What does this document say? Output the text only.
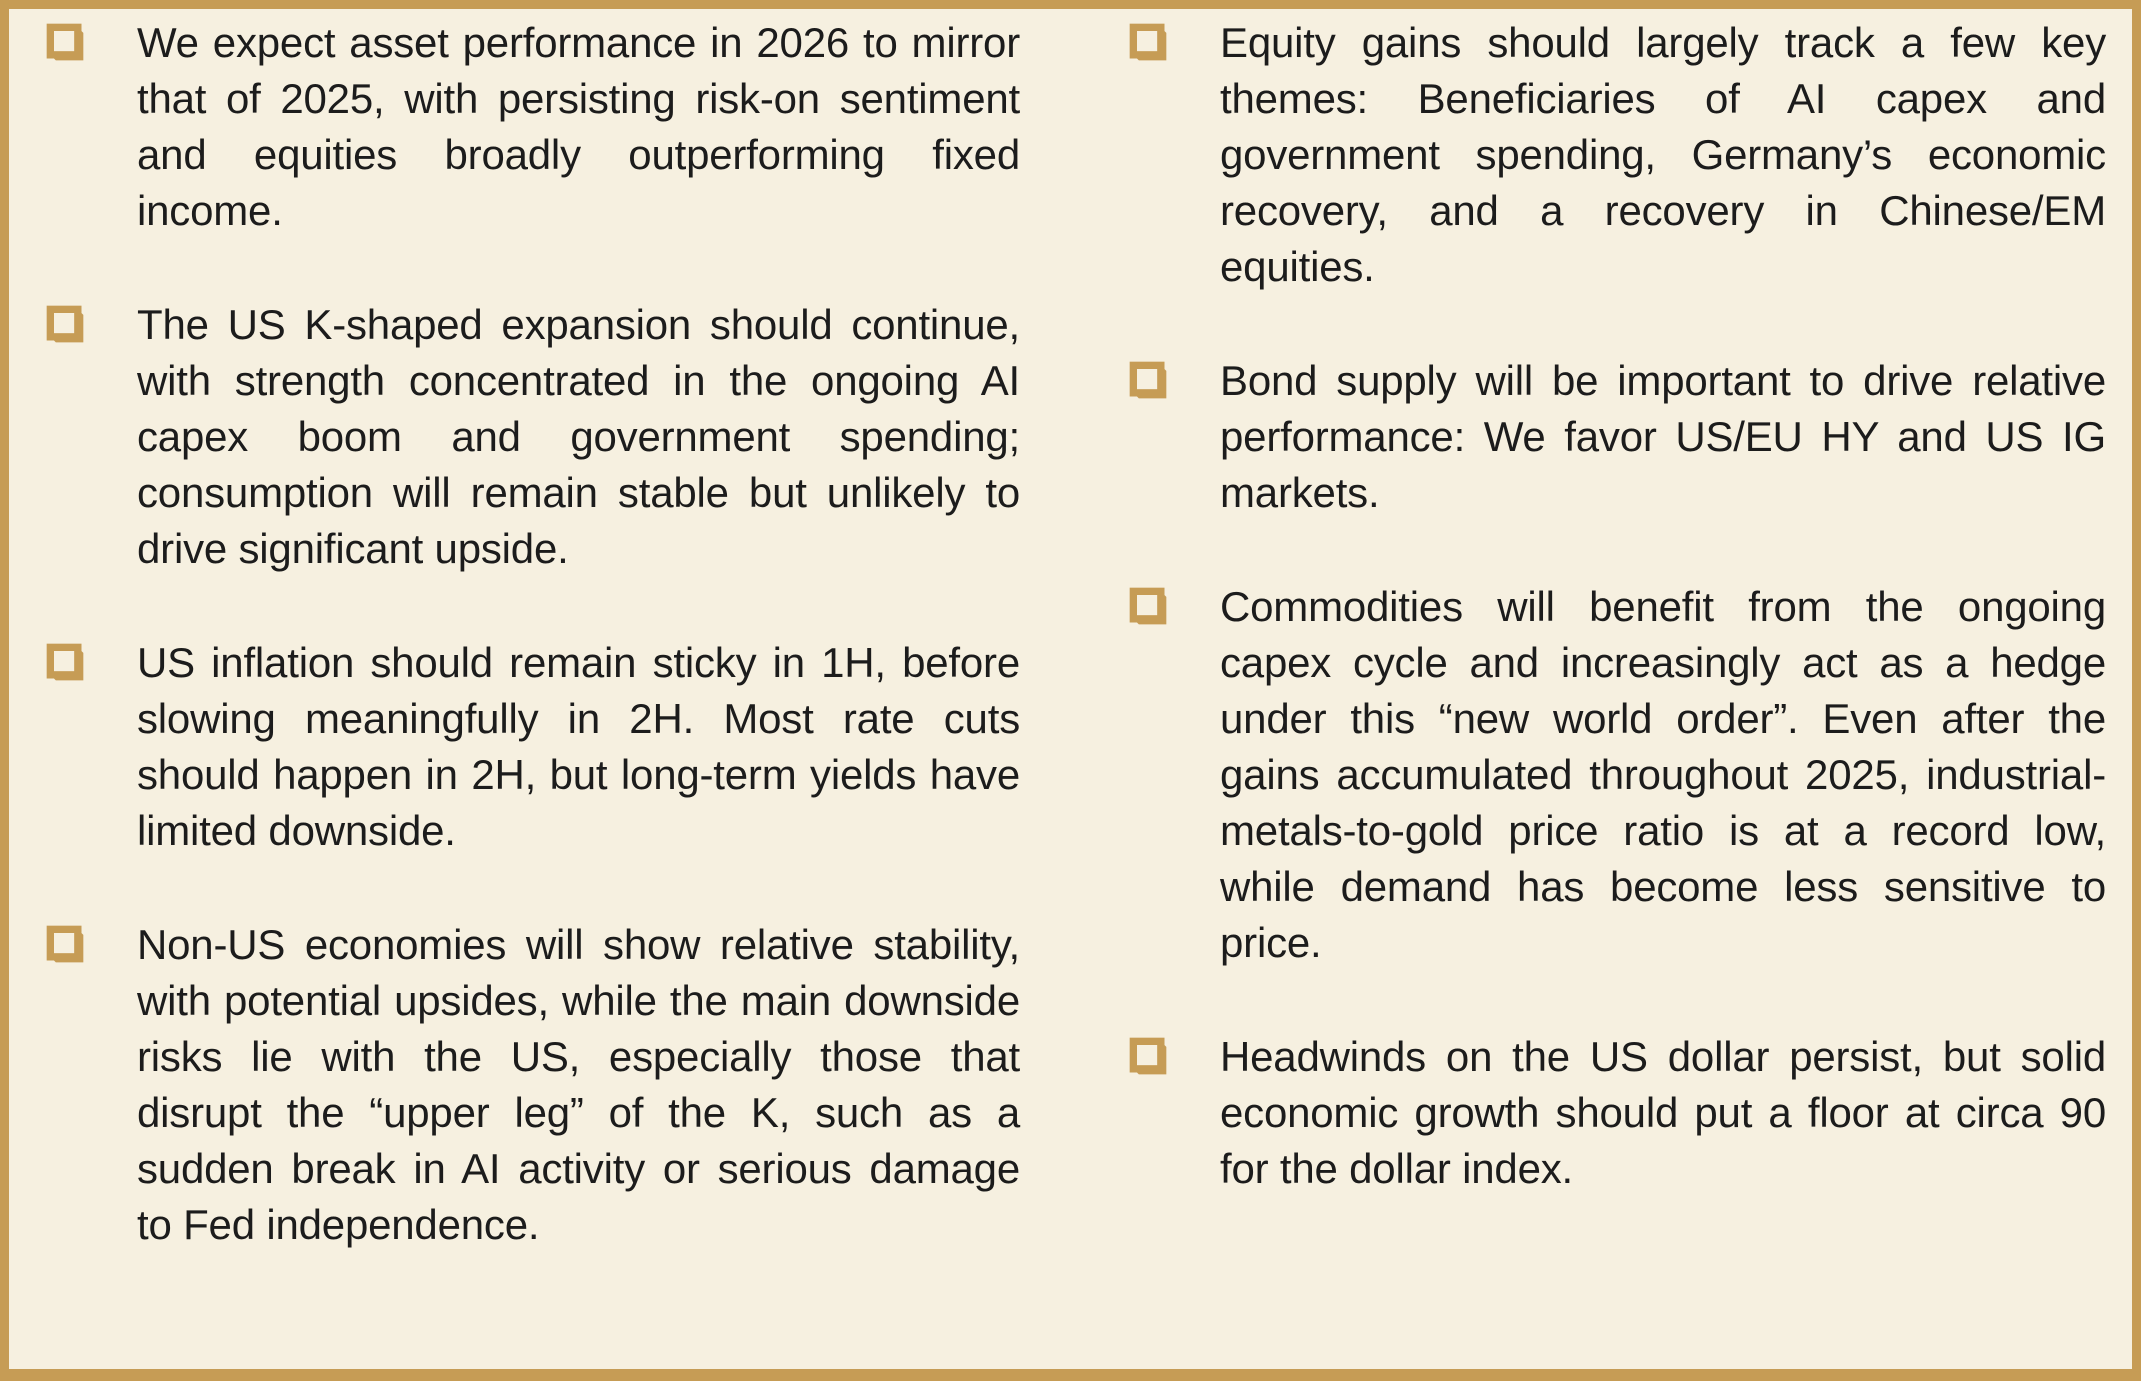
We expect asset performance in 2026 to mirror that of 2025, with persisting risk-on sentiment and equities broadly outperforming fixed income.

The US K-shaped expansion should continue, with strength concentrated in the ongoing AI capex boom and government spending; consumption will remain stable but unlikely to drive significant upside.

US inflation should remain sticky in 1H, before slowing meaningfully in 2H. Most rate cuts should happen in 2H, but long-term yields have limited downside.

Non-US economies will show relative stability, with potential upsides, while the main downside risks lie with the US, especially those that disrupt the “upper leg” of the K, such as a sudden break in AI activity or serious damage to Fed independence.

Equity gains should largely track a few key themes: Beneficiaries of AI capex and government spending, Germany’s economic recovery, and a recovery in Chinese/EM equities.

Bond supply will be important to drive relative performance: We favor US/EU HY and US IG markets.

Commodities will benefit from the ongoing capex cycle and increasingly act as a hedge under this “new world order”. Even after the gains accumulated throughout 2025, industrial-metals-to-gold price ratio is at a record low, while demand has become less sensitive to price.

Headwinds on the US dollar persist, but solid economic growth should put a floor at circa 90 for the dollar index.
